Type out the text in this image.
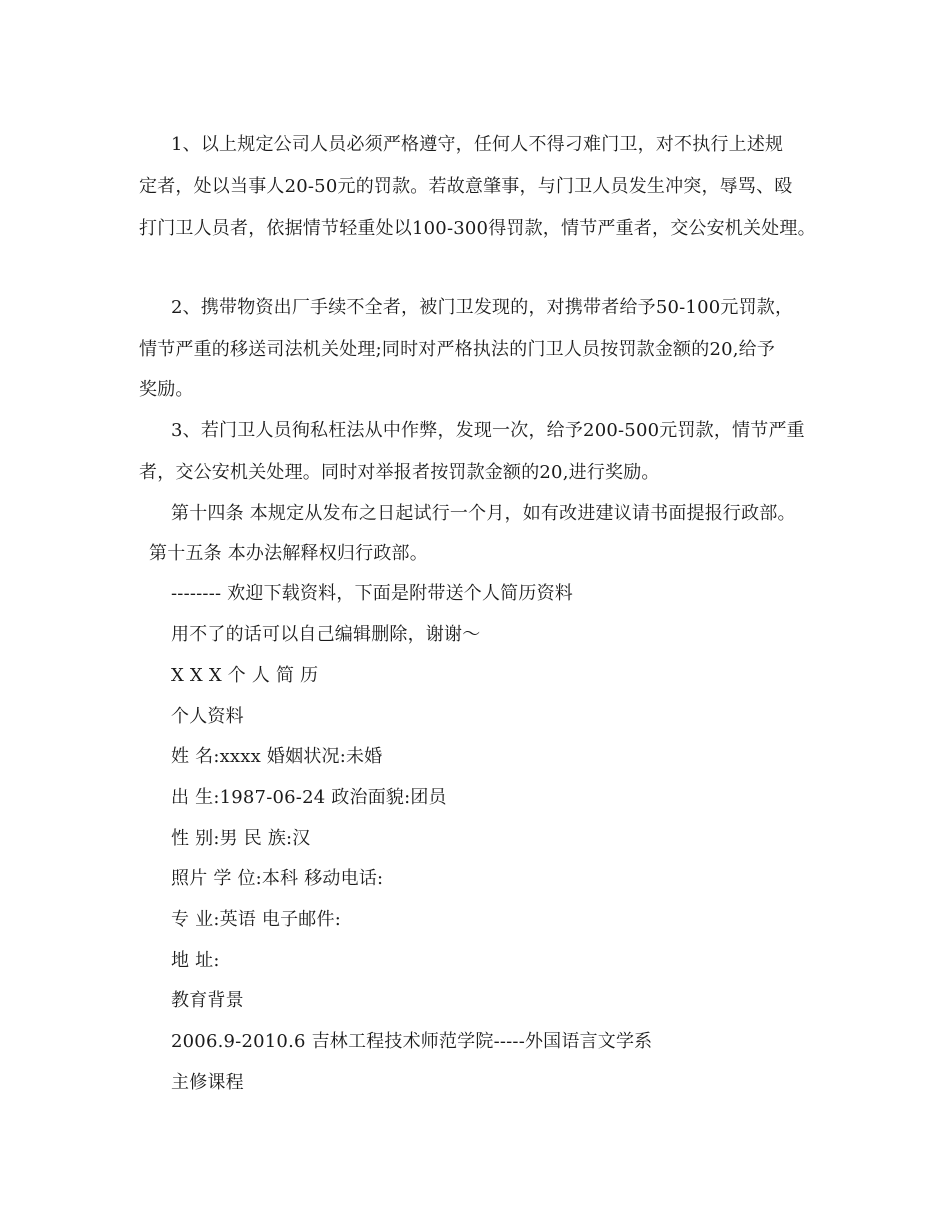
1、以上规定公司人员必须严格遵守，任何人不得刁难门卫，对不执行上述规
定者，处以当事人20-50元的罚款。若故意肇事，与门卫人员发生冲突，辱骂、殴
打门卫人员者，依据情节轻重处以100-300得罚款，情节严重者，交公安机关处理。
2、携带物资出厂手续不全者，被门卫发现的，对携带者给予50-100元罚款，
情节严重的移送司法机关处理;同时对严格执法的门卫人员按罚款金额的20,给予
奖励。
3、若门卫人员徇私枉法从中作弊，发现一次，给予200-500元罚款，情节严重
者，交公安机关处理。同时对举报者按罚款金额的20,进行奖励。
第十四条 本规定从发布之日起试行一个月，如有改进建议请书面提报行政部。
第十五条 本办法解释权归行政部。
-------- 欢迎下载资料，下面是附带送个人简历资料
用不了的话可以自己编辑删除，谢谢～
X X X 个 人 简 历
个人资料
姓 名:xxxx 婚姻状况:未婚
出 生:1987-06-24 政治面貌:团员
性 别:男 民 族:汉
照片 学 位:本科 移动电话:
专 业:英语 电子邮件:
地 址:
教育背景
2006.9-2010.6 吉林工程技术师范学院-----外国语言文学系
主修课程
